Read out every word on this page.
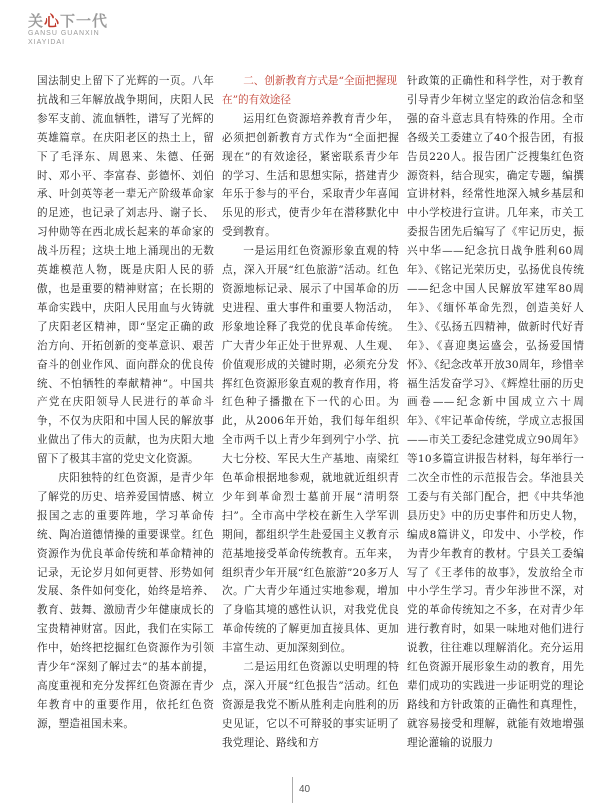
关心下一代
GANSU GUANXIN
XIAYIDAI

国法制史上留下了光辉的一页。八年抗战和三年解放战争期间，庆阳人民参军支前、流血牺牲，谱写了光辉的英雄篇章。在庆阳老区的热土上，留下了毛泽东、周恩来、朱德、任弼时、邓小平、李富春、彭德怀、刘伯承、叶剑英等老一辈无产阶级革命家的足迹，也记录了刘志丹、谢子长、习仲勋等在西北成长起来的革命家的战斗历程；这块土地上涌现出的无数英雄模范人物，既是庆阳人民的骄傲，也是重要的精神财富；在长期的革命实践中，庆阳人民用血与火铸就了庆阳老区精神，即“坚定正确的政治方向、开拓创新的变革意识、艰苦奋斗的创业作风、面向群众的优良传统、不怕牺牲的奉献精神”。中国共产党在庆阳领导人民进行的革命斗争，不仅为庆阳和中国人民的解放事业做出了伟大的贡献，也为庆阳大地留下了极其丰富的党史文化资源。

庆阳独特的红色资源，是青少年了解党的历史、培养爱国情感、树立报国之志的重要阵地，学习革命传统、陶冶道德情操的重要课堂。红色资源作为优良革命传统和革命精神的记录，无论岁月如何更替、形势如何发展、条件如何变化，始终是培养、教育、鼓舞、激励青少年健康成长的宝贵精神财富。因此，我们在实际工作中，始终把挖掘红色资源作为引领青少年“深刻了解过去”的基本前提，高度重视和充分发挥红色资源在青少年教育中的重要作用，依托红色资源，塑造祖国未来。

二、创新教育方式是“全面把握现在”的有效途径

运用红色资源培养教育青少年，必须把创新教育方式作为“全面把握现在”的有效途径，紧密联系青少年的学习、生活和思想实际，搭建青少年乐于参与的平台，采取青少年喜闻乐见的形式，使青少年在潜移默化中受到教育。

一是运用红色资源形象直观的特点，深入开展“红色旅游”活动。红色资源地标记录、展示了中国革命的历史进程、重大事件和重要人物活动，形象地诠释了我党的优良革命传统。广大青少年正处于世界观、人生观、价值观形成的关键时期，必须充分发挥红色资源形象直观的教育作用，将红色种子播撒在下一代的心田。为此，从2006年开始，我们每年组织全市两千以上青少年到列宁小学、抗大七分校、军民大生产基地、南梁红色革命根据地参观，就地就近组织青少年到革命烈士墓前开展“清明祭扫”。全市高中学校在新生入学军训期间，都组织学生赴爱国主义教育示范基地接受革命传统教育。五年来，组织青少年开展“红色旅游”20多万人次。广大青少年通过实地参观，增加了身临其境的感性认识，对我党优良革命传统的了解更加直接具体、更加丰富生动、更加深刻到位。

二是运用红色资源以史明理的特点，深入开展“红色报告”活动。红色资源是我党不断从胜利走向胜利的历史见证，它以不可辩驳的事实证明了我党理论、路线和方

针政策的正确性和科学性，对于教育引导青少年树立坚定的政治信念和坚强的奋斗意志具有特殊的作用。全市各级关工委建立了40个报告团，有报告员220人。报告团广泛搜集红色资源资料，结合现实，确定专题，编撰宣讲材料，经常性地深入城乡基层和中小学校进行宣讲。几年来，市关工委报告团先后编写了《牢记历史，振兴中华——纪念抗日战争胜利60周年》、《铭记光荣历史，弘扬优良传统——纪念中国人民解放军建军80周年》、《缅怀革命先烈，创造美好人生》、《弘扬五四精神，做新时代好青年》、《喜迎奥运盛会，弘扬爱国情怀》、《纪念改革开放30周年，珍惜幸福生活发奋学习》、《辉煌壮丽的历史画卷——纪念新中国成立六十周年》、《牢记革命传统，学成立志报国——市关工委纪念建党成立90周年》等10多篇宣讲报告材料，每年举行一二次全市性的示范报告会。华池县关工委与有关部门配合，把《中共华池县历史》中的历史事件和历史人物，编成8篇讲义，印发中、小学校，作为青少年教育的教材。宁县关工委编写了《王孝伟的故事》，发放给全市中小学生学习。青少年涉世不深，对党的革命传统知之不多，在对青少年进行教育时，如果一味地对他们进行说教，往往难以理解消化。充分运用红色资源开展形象生动的教育，用先辈们成功的实践进一步证明党的理论路线和方针政策的正确性和真理性，就容易接受和理解，就能有效地增强理论灌输的说服力

40
